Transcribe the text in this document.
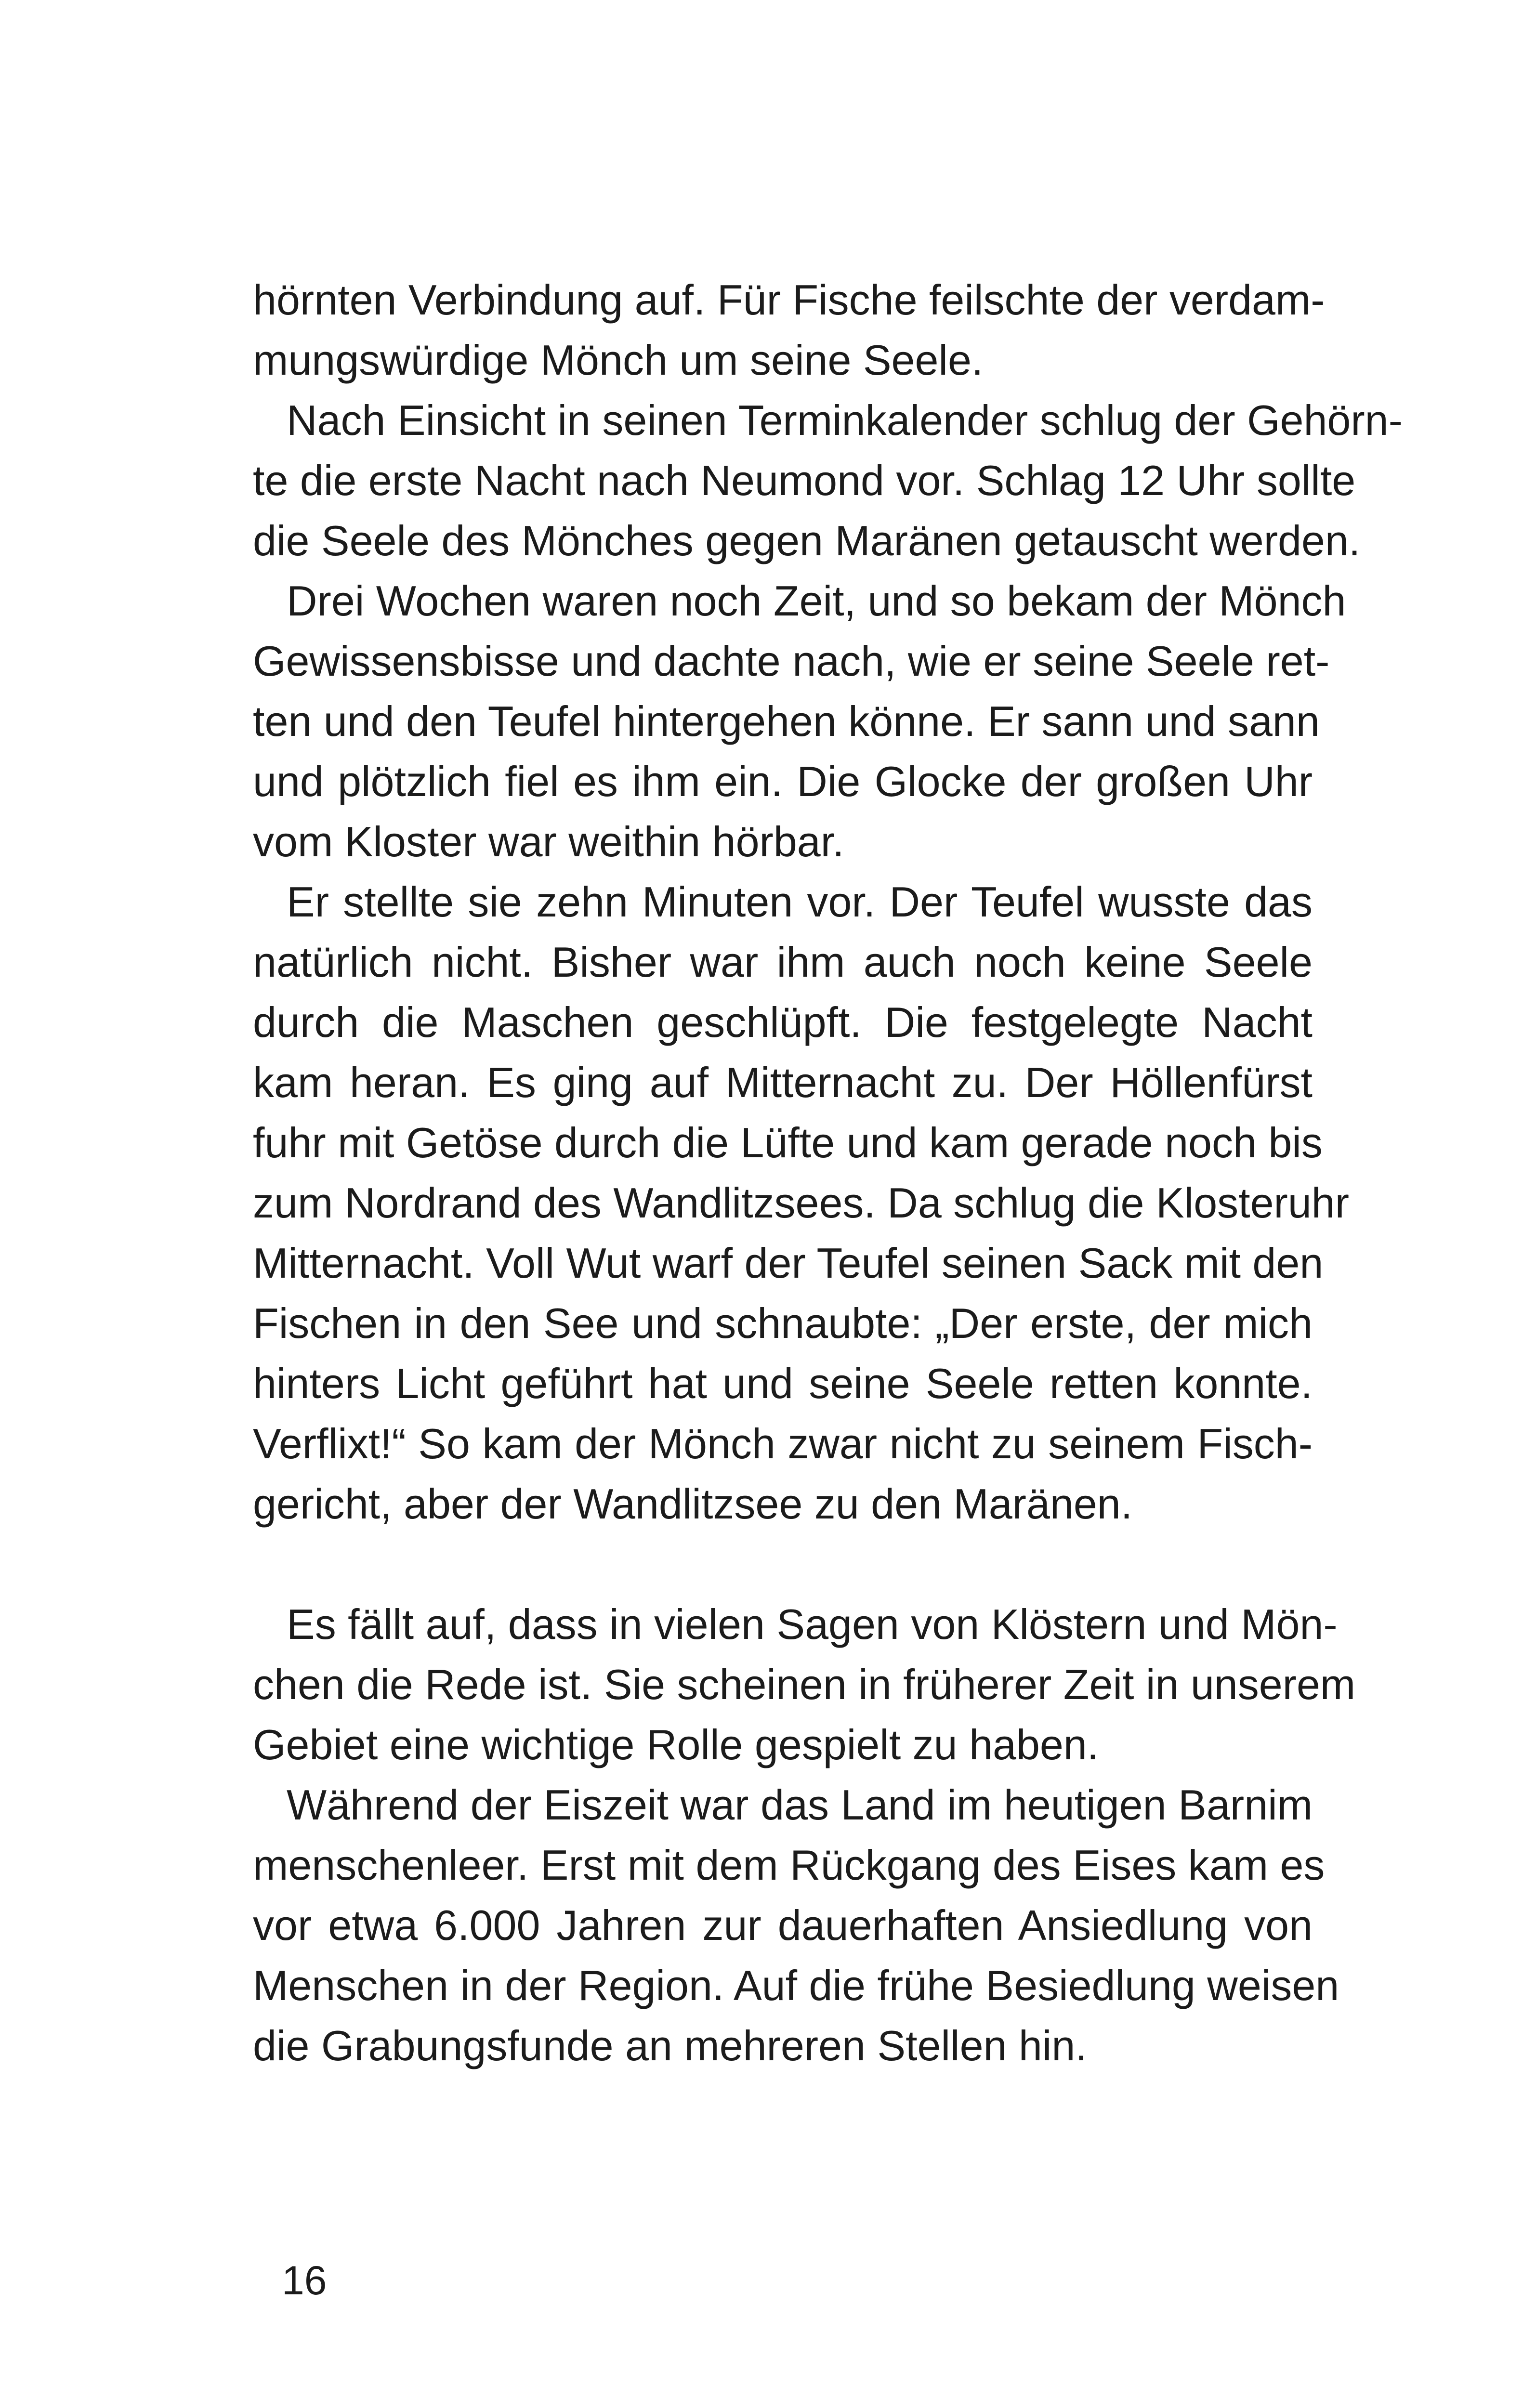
hörnten Verbindung auf. Für Fische feilschte der verdam-
mungswürdige Mönch um seine Seele.
Nach Einsicht in seinen Terminkalender schlug der Gehörn-
te die erste Nacht nach Neumond vor. Schlag 12 Uhr sollte
die Seele des Mönches gegen Maränen getauscht werden.
Drei Wochen waren noch Zeit, und so bekam der Mönch
Gewissensbisse und dachte nach, wie er seine Seele ret-
ten und den Teufel hintergehen könne. Er sann und sann
und plötzlich fiel es ihm ein. Die Glocke der großen Uhr
vom Kloster war weithin hörbar.
Er stellte sie zehn Minuten vor. Der Teufel wusste das
natürlich nicht. Bisher war ihm auch noch keine Seele
durch die Maschen geschlüpft. Die festgelegte Nacht
kam heran. Es ging auf Mitternacht zu. Der Höllenfürst
fuhr mit Getöse durch die Lüfte und kam gerade noch bis
zum Nordrand des Wandlitzsees. Da schlug die Klosteruhr
Mitternacht. Voll Wut warf der Teufel seinen Sack mit den
Fischen in den See und schnaubte: „Der erste, der mich
hinters Licht geführt hat und seine Seele retten konnte.
Verflixt!“ So kam der Mönch zwar nicht zu seinem Fisch-
gericht, aber der Wandlitzsee zu den Maränen.
Es fällt auf, dass in vielen Sagen von Klöstern und Mön-
chen die Rede ist. Sie scheinen in früherer Zeit in unserem
Gebiet eine wichtige Rolle gespielt zu haben.
Während der Eiszeit war das Land im heutigen Barnim
menschenleer. Erst mit dem Rückgang des Eises kam es
vor etwa 6.000 Jahren zur dauerhaften Ansiedlung von
Menschen in der Region. Auf die frühe Besiedlung weisen
die Grabungsfunde an mehreren Stellen hin.
16
